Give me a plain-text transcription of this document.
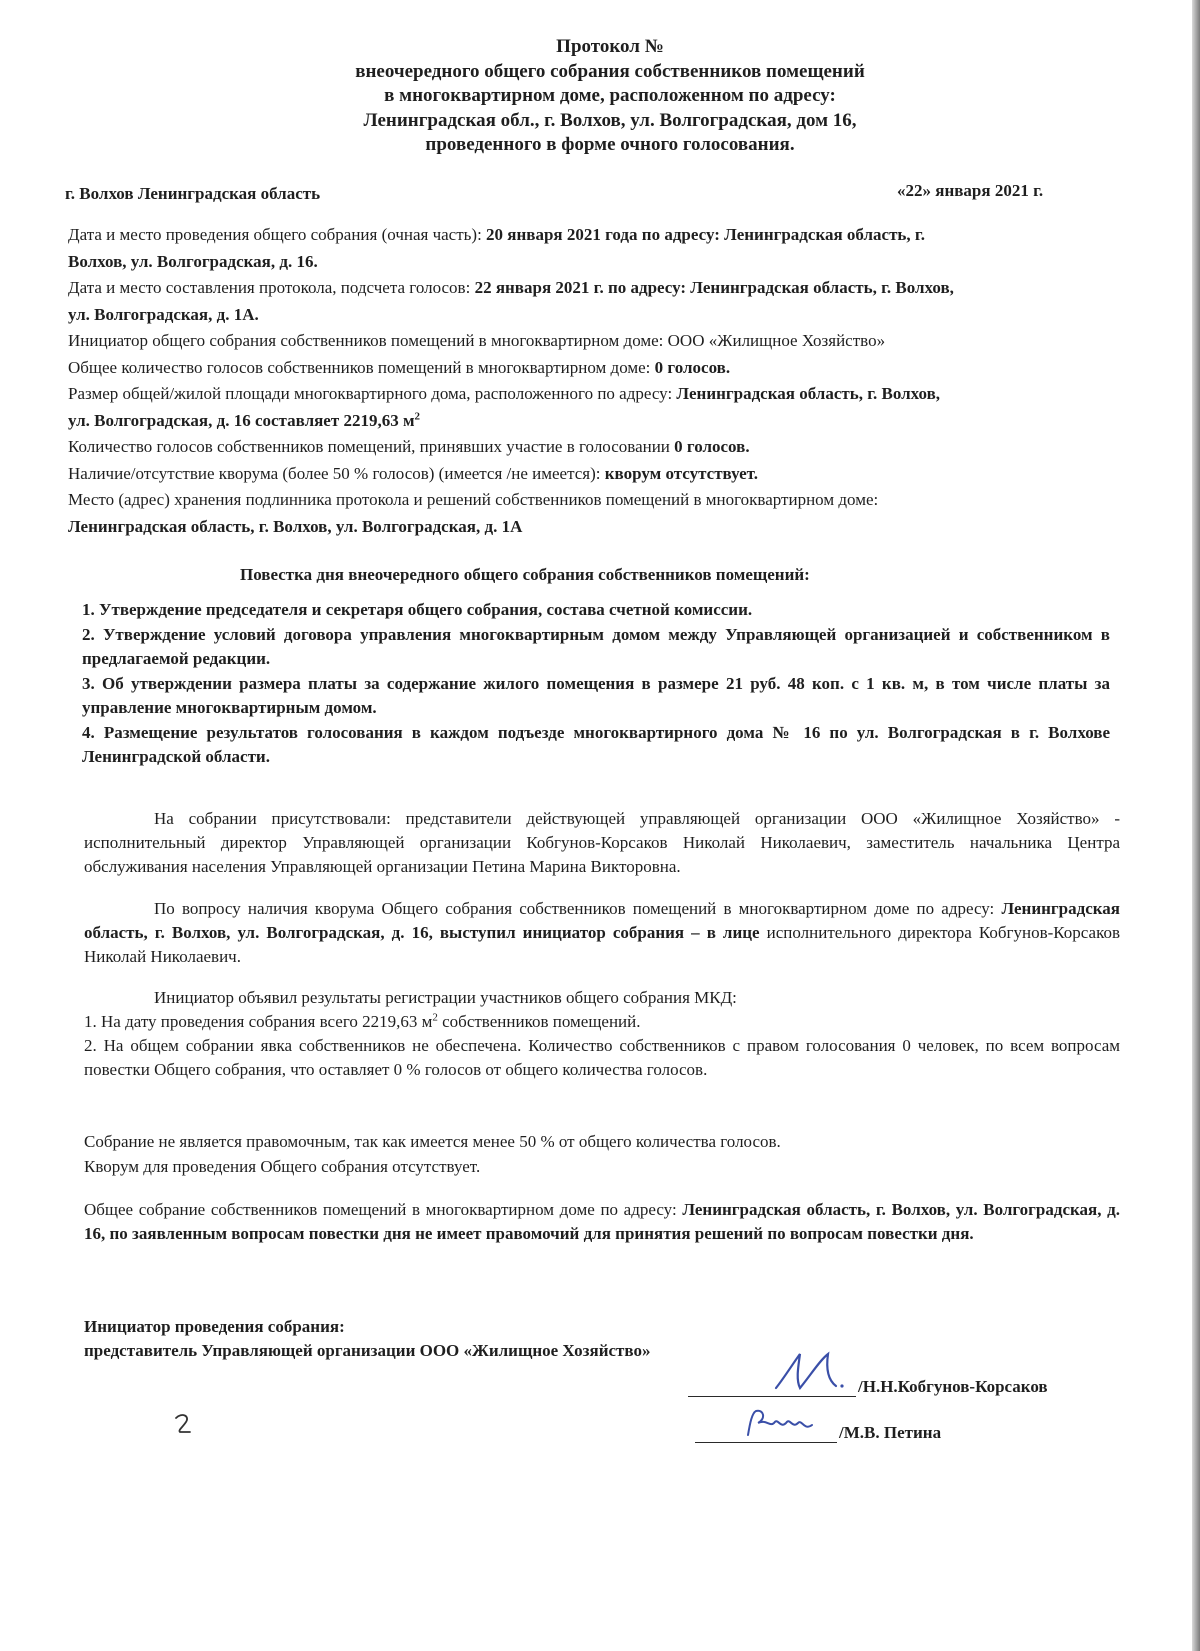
Протокол №
внеочередного общего собрания собственников помещений
в многоквартирном доме, расположенном по адресу:
Ленинградская обл., г. Волхов, ул. Волгоградская, дом 16,
проведенного в форме очного голосования.
г. Волхов Ленинградская область	«22» января 2021 г.

Дата и место проведения общего собрания (очная часть): 20 января 2021 года по адресу: Ленинградская область, г.

Волхов, ул. Волгоградская, д. 16.

Дата и место составления протокола, подсчета голосов: 22 января 2021 г. по адресу: Ленинградская область, г. Волхов,

ул. Волгоградская, д. 1А.

Инициатор общего собрания собственников помещений в многоквартирном доме: ООО «Жилищное Хозяйство»

Общее количество голосов собственников помещений в многоквартирном доме: 0 голосов.

Размер общей/жилой площади многоквартирного дома, расположенного по адресу: Ленинградская область, г. Волхов,

ул. Волгоградская, д. 16 составляет 2219,63 $м^2$

Количество голосов собственников помещений, принявших участие в голосовании 0 голосов.

Наличие/отсутствие кворума (более 50 % голосов) (имеется /не имеется): кворум отсутствует.

Место (адрес) хранения подлинника протокола и решений собственников помещений в многоквартирном доме:

Ленинградская область, г. Волхов, ул. Волгоградская, д. 1А

Повестка дня внеочередного общего собрания собственников помещений:

1. Утверждение председателя и секретаря общего собрания, состава счетной комиссии.

2. Утверждение условий договора управления многоквартирным домом между Управляющей организацией и собственником в предлагаемой редакции.

3. Об утверждении размера платы за содержание жилого помещения в размере 21 руб. 48 коп. с 1 кв. м, в том числе платы за управление многоквартирным домом.

4. Размещение результатов голосования в каждом подъезде многоквартирного дома № 16 по ул. Волгоградская в г. Волхове Ленинградской области.

На собрании присутствовали: представители действующей управляющей организации ООО «Жилищное Хозяйство» - исполнительный директор Управляющей организации Кобгунов-Корсаков Николай Николаевич, заместитель начальника Центра обслуживания населения Управляющей организации Петина Марина Викторовна.

По вопросу наличия кворума Общего собрания собственников помещений в многоквартирном доме по адресу: Ленинградская область, г. Волхов, ул. Волгоградская, д. 16, выступил инициатор собрания – в лице исполнительного директора Кобгунов-Корсаков Николай Николаевич.

Инициатор объявил результаты регистрации участников общего собрания МКД:

1. На дату проведения собрания всего 2219,63 $м^2$ собственников помещений.

2. На общем собрании явка собственников не обеспечена. Количество собственников с правом голосования 0 человек, по всем вопросам повестки Общего собрания, что оставляет 0 % голосов от общего количества голосов.

Собрание не является правомочным, так как имеется менее 50 % от общего количества голосов.

Кворум для проведения Общего собрания отсутствует.

Общее собрание собственников помещений в многоквартирном доме по адресу: Ленинградская область, г. Волхов, ул. Волгоградская, д. 16, по заявленным вопросам повестки дня не имеет правомочий для принятия решений по вопросам повестки дня.

Инициатор проведения собрания:

представитель Управляющей организации ООО «Жилищное Хозяйство»

/Н.Н.Кобгунов-Корсаков
/М.В. Петина
